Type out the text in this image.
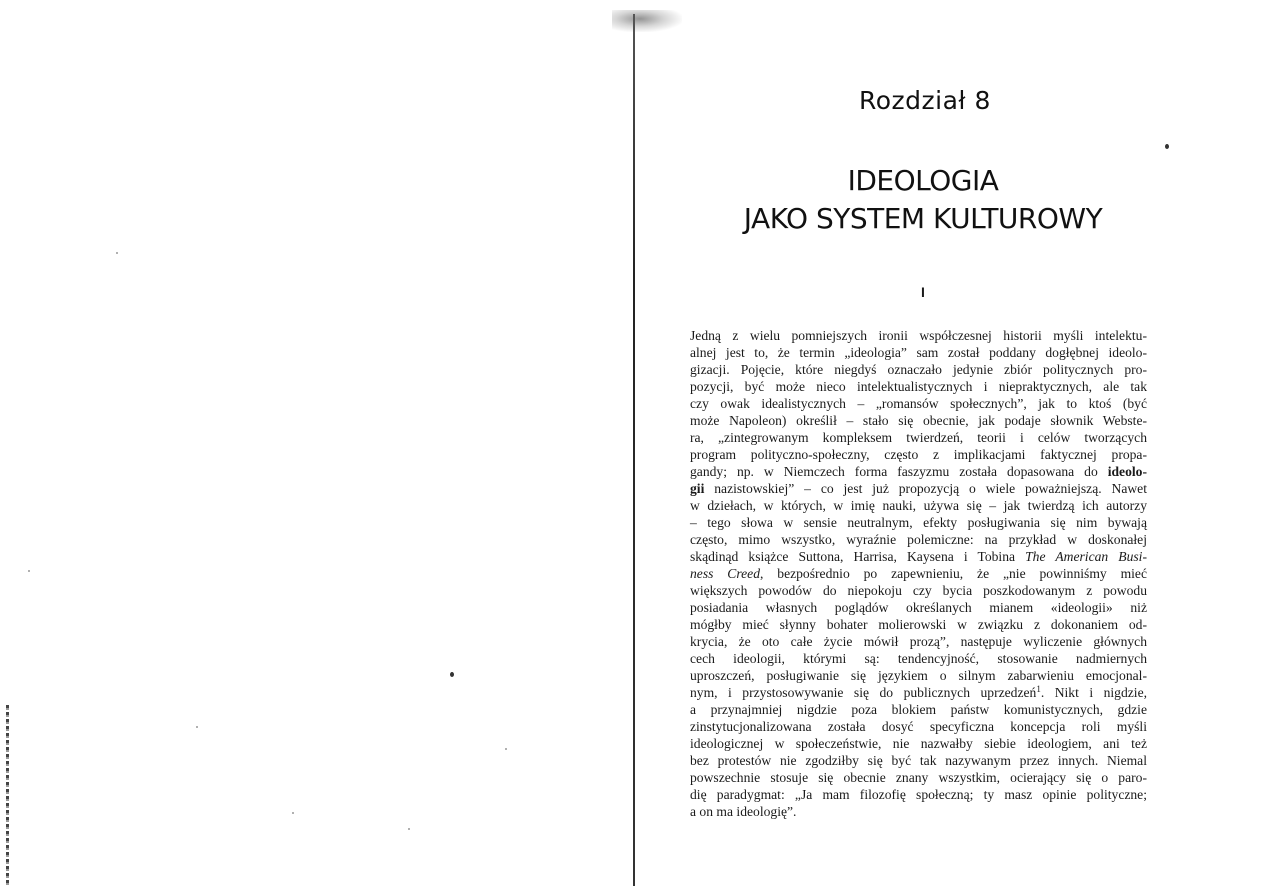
Rozdział 8
IDEOLOGIA
JAKO SYSTEM KULTUROWY
I
Jedną z wielu pomniejszych ironii współczesnej historii myśli intelektu-
alnej jest to, że termin „ideologia” sam został poddany dogłębnej ideolo-
gizacji. Pojęcie, które niegdyś oznaczało jedynie zbiór politycznych pro-
pozycji, być może nieco intelektualistycznych i niepraktycznych, ale tak
czy owak idealistycznych – „romansów społecznych”, jak to ktoś (być
może Napoleon) określił – stało się obecnie, jak podaje słownik Webste-
ra, „zintegrowanym kompleksem twierdzeń, teorii i celów tworzących
program polityczno-społeczny, często z implikacjami faktycznej propa-
gandy; np. w Niemczech forma faszyzmu została dopasowana do ideolo-
gii nazistowskiej” – co jest już propozycją o wiele poważniejszą. Nawet
w dziełach, w których, w imię nauki, używa się – jak twierdzą ich autorzy
– tego słowa w sensie neutralnym, efekty posługiwania się nim bywają
często, mimo wszystko, wyraźnie polemiczne: na przykład w doskonałej
skądinąd książce Suttona, Harrisa, Kaysena i Tobina The American Busi-
ness Creed, bezpośrednio po zapewnieniu, że „nie powinniśmy mieć
większych powodów do niepokoju czy bycia poszkodowanym z powodu
posiadania własnych poglądów określanych mianem «ideologii» niż
mógłby mieć słynny bohater molierowski w związku z dokonaniem od-
krycia, że oto całe życie mówił prozą”, następuje wyliczenie głównych
cech ideologii, którymi są: tendencyjność, stosowanie nadmiernych
uproszczeń, posługiwanie się językiem o silnym zabarwieniu emocjonal-
nym, i przystosowywanie się do publicznych uprzedzeń$^1$. Nikt i nigdzie,
a przynajmniej nigdzie poza blokiem państw komunistycznych, gdzie
zinstytucjonalizowana została dosyć specyficzna koncepcja roli myśli
ideologicznej w społeczeństwie, nie nazwałby siebie ideologiem, ani też
bez protestów nie zgodziłby się być tak nazywanym przez innych. Niemal
powszechnie stosuje się obecnie znany wszystkim, ocierający się o paro-
dię paradygmat: „Ja mam filozofię społeczną; ty masz opinie polityczne;
a on ma ideologię”.
